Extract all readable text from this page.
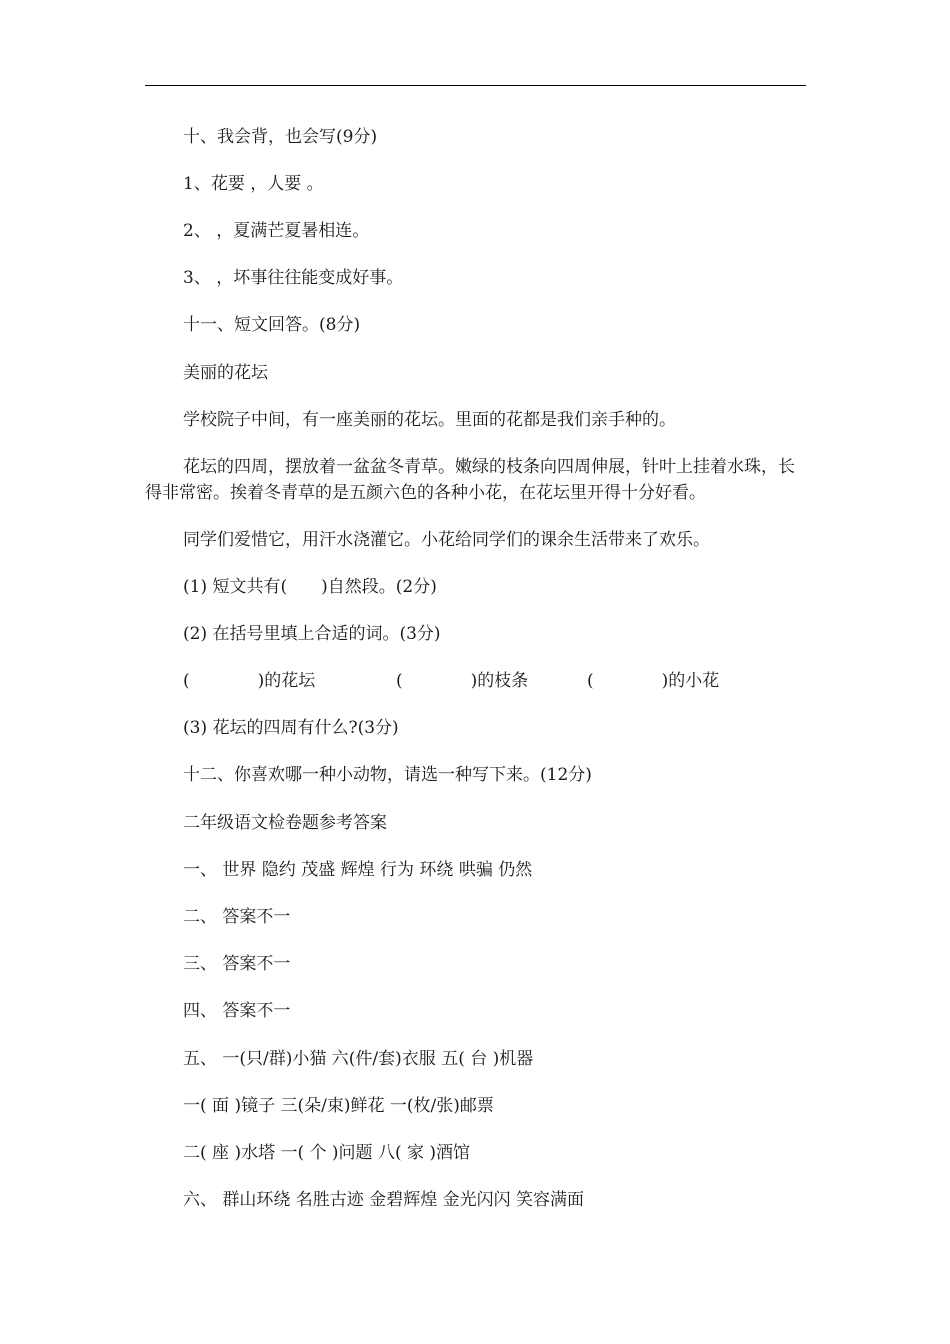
十、我会背，也会写(9分)
1、花要 ，人要 。
2、 ，夏满芒夏暑相连。
3、 ，坏事往往能变成好事。
十一、短文回答。(8分)
美丽的花坛
学校院子中间，有一座美丽的花坛。里面的花都是我们亲手种的。
花坛的四周，摆放着一盆盆冬青草。嫩绿的枝条向四周伸展，针叶上挂着水珠，长得非常密。挨着冬青草的是五颜六色的各种小花，在花坛里开得十分好看。
同学们爱惜它，用汗水浇灌它。小花给同学们的课余生活带来了欢乐。
(1) 短文共有(　　)自然段。(2分)
(2) 在括号里填上合适的词。(3分)
(　　　　)的花坛	(　　　　)的枝条	(　　　　)的小花
(3) 花坛的四周有什么?(3分)
十二、你喜欢哪一种小动物，请选一种写下来。(12分)
二年级语文检卷题参考答案
一、 世界 隐约 茂盛 辉煌 行为 环绕 哄骗 仍然
二、 答案不一
三、 答案不一
四、 答案不一
五、 一(只/群)小猫 六(件/套)衣服 五( 台 )机器
一( 面 )镜子 三(朵/束)鲜花 一(枚/张)邮票
二( 座 )水塔 一( 个 )问题 八( 家 )酒馆
六、 群山环绕 名胜古迹 金碧辉煌 金光闪闪 笑容满面
